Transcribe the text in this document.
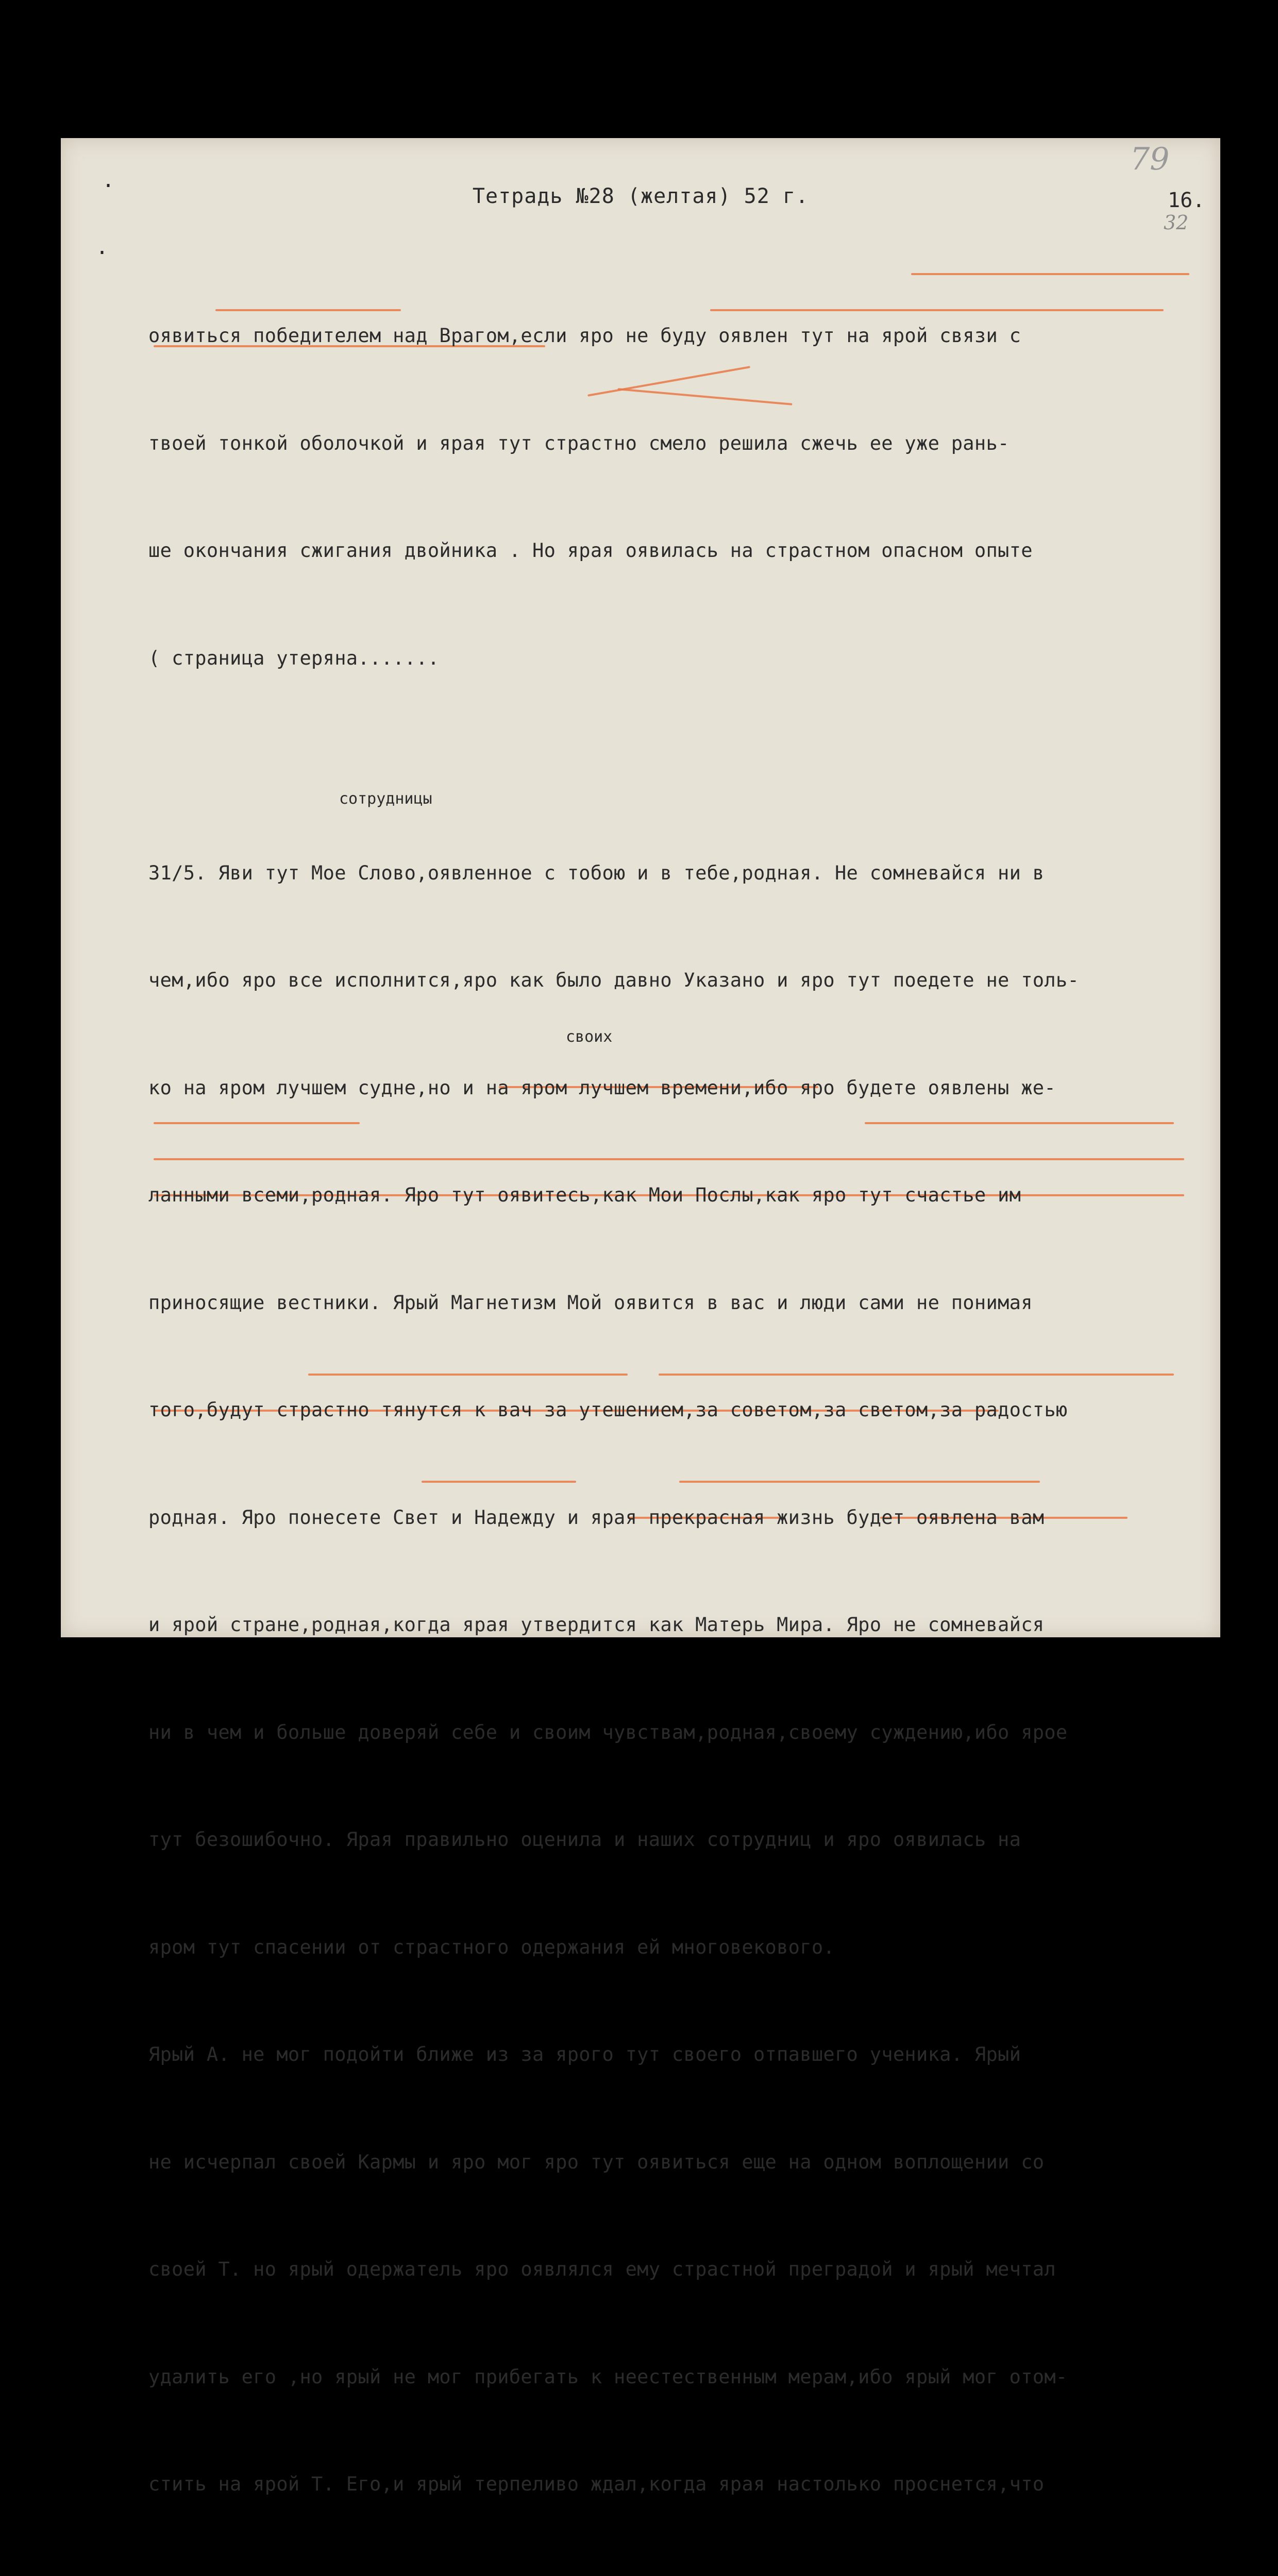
79
32
Тетрадь №28 (желтая) 52 г.	16.
·
·
сотрудницы
своих

оявиться победителем над Врагом,если яро не буду оявлен тут на ярой связи с

твоей тонкой оболочкой и ярая тут страстно смело решила сжечь ее уже рань-

ше окончания сжигания двойника . Но ярая оявилась на страстном опасном опыте

( страница утеряна.......

31/5. Яви тут Мое Слово,оявленное с тобою и в тебе,родная. Не сомневайся ни в

чем,ибо яро все исполнится,яро как было давно Указано и яро тут поедете не толь-

ко на яром лучшем судне,но и на яром лучшем времени,ибо яро будете оявлены же-

ланными всеми,родная. Яро тут оявитесь,как Мои Послы,как яро тут счастье им

приносящие вестники. Ярый Магнетизм Мой оявится в вас и люди сами не понимая

того,будут страстно тянутся к вач за утешением,за советом,за светом,за радостью

родная. Яро понесете Свет и Надежду и ярая прекрасная жизнь будет оявлена вам

и ярой стране,родная,когда ярая утвердится как Матерь Мира. Яро не сомневайся

ни в чем и больше доверяй себе и своим чувствам,родная,своему суждению,ибо ярое

тут безошибочно. Ярая правильно оценила и наших сотрудниц и яро оявилась на

яром тут спасении от страстного одержания ей многовекового.

Ярый А. не мог подойти ближе из за ярого тут своего отпавшего ученика. Ярый

не исчерпал своей Кармы и яро мог яро тут оявиться еще на одном воплощении со

своей Т. но ярый одержатель яро оявлялся ему страстной преградой и ярый мечтал

удалить его ,но ярый не мог прибегать к неестественным мерам,ибо ярый мог отом-

стить на ярой Т. Его,и ярый терпеливо ждал,когда ярая настолько проснется,что
